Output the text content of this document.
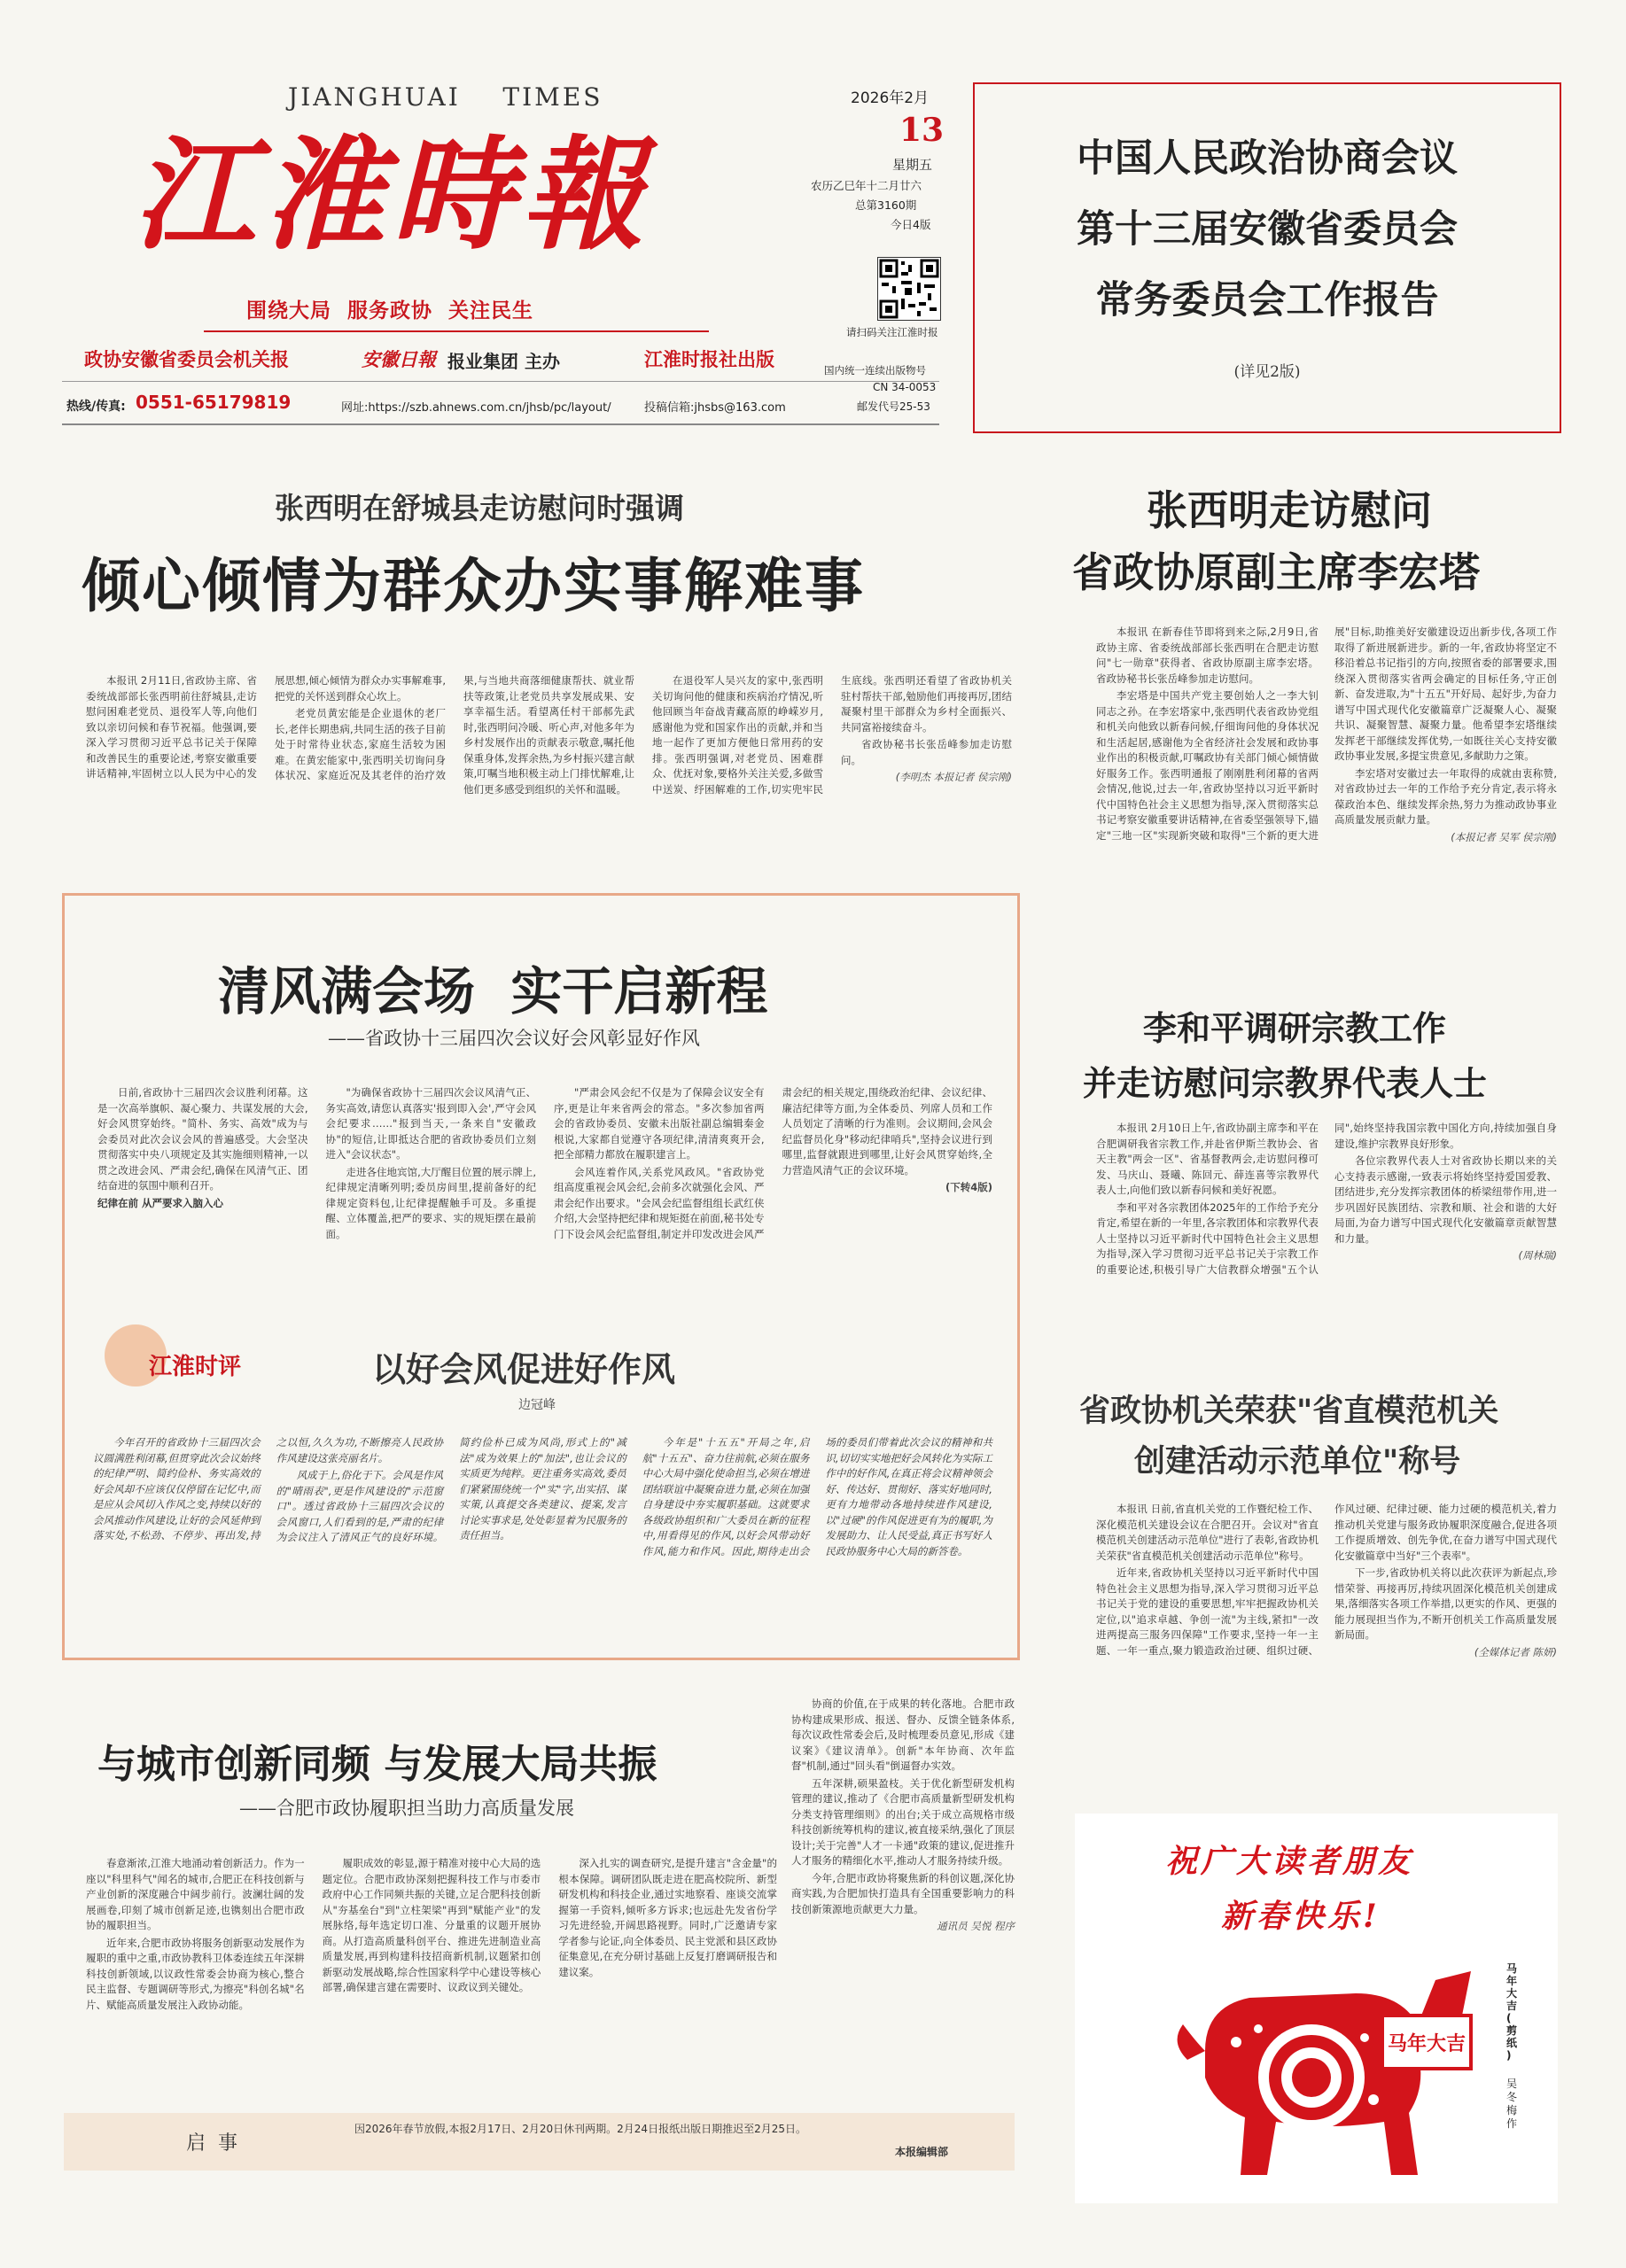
JIANGHUAI    TIMES
江淮時報
围绕大局  服务政协  关注民生
政协安徽省委员会机关报	安徽日報 报业集团 主办	江淮时报社出版
热线/传真: 0551-65179819	网址:https://szb.ahnews.com.cn/jhsb/pc/layout/	投稿信箱:jhsbs@163.com
2026年2月
13
星期五
农历乙巳年十二月廿六
总第3160期
今日4版
请扫码关注江淮时报
国内统一连续出版物号
CN 34-0053
邮发代号25-53
中国人民政治协商会议
第十三届安徽省委员会
常务委员会工作报告
(详见2版)
张西明在舒城县走访慰问时强调
倾心倾情为群众办实事解难事

本报讯 2月11日,省政协主席、省委统战部部长张西明前往舒城县,走访慰问困难老党员、退役军人等,向他们致以亲切问候和春节祝福。他强调,要深入学习贯彻习近平总书记关于保障和改善民生的重要论述,考察安徽重要讲话精神,牢固树立以人民为中心的发展思想,倾心倾情为群众办实事解难事,把党的关怀送到群众心坎上。

老党员黄宏能是企业退休的老厂长,老伴长期患病,共同生活的孩子目前处于时常待业状态,家庭生活较为困难。在黄宏能家中,张西明关切询问身体状况、家庭近况及其老伴的治疗效果,与当地共商落细健康帮扶、就业帮扶等政策,让老党员共享发展成果、安享幸福生活。看望离任村干部郝先武时,张西明问冷暖、听心声,对他多年为乡村发展作出的贡献表示敬意,嘱托他保重身体,发挥余热,为乡村振兴建言献策,叮嘱当地积极主动上门排忧解难,让他们更多感受到组织的关怀和温暖。

在退役军人吴兴友的家中,张西明关切询问他的健康和疾病治疗情况,听他回顾当年奋战青藏高原的峥嵘岁月,感谢他为党和国家作出的贡献,并和当地一起作了更加方便他日常用药的安排。张西明强调,对老党员、困难群众、优抚对象,要格外关注关爱,多做雪中送炭、纾困解难的工作,切实兜牢民生底线。张西明还看望了省政协机关驻村帮扶干部,勉励他们再接再厉,团结凝聚村里干部群众为乡村全面振兴、共同富裕接续奋斗。

省政协秘书长张岳峰参加走访慰问。

(李明杰 本报记者 侯宗刚)

张西明走访慰问
省政协原副主席李宏塔

本报讯 在新春佳节即将到来之际,2月9日,省政协主席、省委统战部部长张西明在合肥走访慰问"七一勋章"获得者、省政协原副主席李宏塔。省政协秘书长张岳峰参加走访慰问。

李宏塔是中国共产党主要创始人之一李大钊同志之孙。在李宏塔家中,张西明代表省政协党组和机关向他致以新春问候,仔细询问他的身体状况和生活起居,感谢他为全省经济社会发展和政协事业作出的积极贡献,叮嘱政协有关部门倾心倾情做好服务工作。张西明通报了刚刚胜利闭幕的省两会情况,他说,过去一年,省政协坚持以习近平新时代中国特色社会主义思想为指导,深入贯彻落实总书记考察安徽重要讲话精神,在省委坚强领导下,锚定"三地一区"实现新突破和取得"三个新的更大进展"目标,助推美好安徽建设迈出新步伐,各项工作取得了新进展新进步。新的一年,省政协将坚定不移沿着总书记指引的方向,按照省委的部署要求,围绕深入贯彻落实省两会确定的目标任务,守正创新、奋发进取,为"十五五"开好局、起好步,为奋力谱写中国式现代化安徽篇章广泛凝聚人心、凝聚共识、凝聚智慧、凝聚力量。他希望李宏塔继续发挥老干部继续发挥优势,一如既往关心支持安徽政协事业发展,多提宝贵意见,多献助力之策。

李宏塔对安徽过去一年取得的成就由衷称赞,对省政协过去一年的工作给予充分肯定,表示将永葆政治本色、继续发挥余热,努力为推动政协事业高质量发展贡献力量。

(本报记者 吴军 侯宗刚)

清风满会场  实干启新程
——省政协十三届四次会议好会风彰显好作风

日前,省政协十三届四次会议胜利闭幕。这是一次高举旗帜、凝心聚力、共谋发展的大会,好会风贯穿始终。"简朴、务实、高效"成为与会委员对此次会议会风的普遍感受。大会坚决贯彻落实中央八项规定及其实施细则精神,一以贯之改进会风、严肃会纪,确保在风清气正、团结奋进的氛围中顺利召开。

纪律在前 从严要求入脑入心

"为确保省政协十三届四次会议风清气正、务实高效,请您认真落实'报到即入会',严守会风会纪要求……"报到当天,一条来自"安徽政协"的短信,让即抵达合肥的省政协委员们立刻进入"会议状态"。

走进各住地宾馆,大厅醒目位置的展示牌上,纪律规定清晰列明;委员房间里,提前备好的纪律规定资料包,让纪律提醒触手可及。多重提醒、立体覆盖,把严的要求、实的规矩摆在最前面。

"严肃会风会纪不仅是为了保障会议安全有序,更是让年来省两会的常态。"多次参加省两会的省政协委员、安徽未出版社副总编辑秦金根说,大家都自觉遵守各项纪律,清清爽爽开会,把全部精力都放在履职建言上。

会风连着作风,关系党风政风。"省政协党组高度重视会风会纪,会前多次就强化会风、严肃会纪作出要求。"会风会纪监督组组长武红侠介绍,大会坚持把纪律和规矩挺在前面,秘书处专门下设会风会纪监督组,制定并印发改进会风严肃会纪的相关规定,围绕政治纪律、会议纪律、廉洁纪律等方面,为全体委员、列席人员和工作人员划定了清晰的行为准则。会议期间,会风会纪监督员化身"移动纪律哨兵",坚持会议进行到哪里,监督就跟进到哪里,让好会风贯穿始终,全力营造风清气正的会议环境。

(下转4版)

江淮时评	以好会风促进好作风
边冠峰

今年召开的省政协十三届四次会议圆满胜利闭幕,但贯穿此次会议始终的纪律严明、简约俭朴、务实高效的好会风却不应该仅仅停留在记忆中,而是应从会风切入作风之变,持续以好的会风推动作风建设,让好的会风延伸到落实处,不松劲、不停步、再出发,持之以恒,久久为功,不断擦亮人民政协作风建设这张亮丽名片。

风成于上,俗化于下。会风是作风的"晴雨表",更是作风建设的"示范窗口"。透过省政协十三届四次会议的会风窗口,人们看到的是,严肃的纪律为会议注入了清风正气的良好环境。简约俭朴已成为风尚,形式上的"减法"成为效果上的"加法",也让会议的实质更为纯粹。更注重务实高效,委员们紧紧围绕统一个"实"字,出实招、谋实策,认真提交各类建议、提案,发言讨论实事求是,处处彰显着为民服务的责任担当。

今年是"十五五"开局之年,启航"十五五"、奋力往前航,必须在服务中心大局中强化使命担当,必须在增进团结联谊中凝聚奋进力量,必须在加强自身建设中夯实履职基础。这就要求各级政协组织和广大委员在新的征程中,用看得见的作风,以好会风带动好作风,能力和作风。因此,期待走出会场的委员们带着此次会议的精神和共识,切切实实地把好会风转化为实际工作中的好作风,在真正将会议精神领会好、传达好、贯彻好、落实好地同时,更有力地带动各地持续进作风建设,以"过硬"的作风促进更有为的履职,为发展助力、让人民受益,真正书写好人民政协服务中心大局的新答卷。

李和平调研宗教工作
并走访慰问宗教界代表人士

本报讯 2月10日上午,省政协副主席李和平在合肥调研我省宗教工作,并赴省伊斯兰教协会、省天主教"两会一区"、省基督教两会,走访慰问穆可发、马庆山、聂曦、陈回元、薛连喜等宗教界代表人士,向他们致以新春问候和美好祝愿。

李和平对各宗教团体2025年的工作给予充分肯定,希望在新的一年里,各宗教团体和宗教界代表人士坚持以习近平新时代中国特色社会主义思想为指导,深入学习贯彻习近平总书记关于宗教工作的重要论述,积极引导广大信教群众增强"五个认同",始终坚持我国宗教中国化方向,持续加强自身建设,维护宗教界良好形象。

各位宗教界代表人士对省政协长期以来的关心支持表示感谢,一致表示将始终坚持爱国爱教、团结进步,充分发挥宗教团体的桥梁纽带作用,进一步巩固好民族团结、宗教和顺、社会和谐的大好局面,为奋力谱写中国式现代化安徽篇章贡献智慧和力量。

(周林瑞)

省政协机关荣获"省直模范机关
创建活动示范单位"称号

本报讯 日前,省直机关党的工作暨纪检工作、深化模范机关建设会议在合肥召开。会议对"省直模范机关创建活动示范单位"进行了表彰,省政协机关荣获"省直模范机关创建活动示范单位"称号。

近年来,省政协机关坚持以习近平新时代中国特色社会主义思想为指导,深入学习贯彻习近平总书记关于党的建设的重要思想,牢牢把握政协机关定位,以"追求卓越、争创一流"为主线,紧扣"一改进两提高三服务四保障"工作要求,坚持一年一主题、一年一重点,聚力锻造政治过硬、组织过硬、作风过硬、纪律过硬、能力过硬的模范机关,着力推动机关党建与服务政协履职深度融合,促进各项工作提质增效、创先争优,在奋力谱写中国式现代化安徽篇章中当好"三个表率"。

下一步,省政协机关将以此次获评为新起点,珍惜荣誉、再接再厉,持续巩固深化模范机关创建成果,落细落实各项工作举措,以更实的作风、更强的能力展现担当作为,不断开创机关工作高质量发展新局面。

(全媒体记者 陈妍)

与城市创新同频 与发展大局共振
——合肥市政协履职担当助力高质量发展

春意渐浓,江淮大地涌动着创新活力。作为一座以"科里科气"闻名的城市,合肥正在科技创新与产业创新的深度融合中阔步前行。波澜壮阔的发展画卷,印刻了城市创新足迹,也镌刻出合肥市政协的履职担当。

近年来,合肥市政协将服务创新驱动发展作为履职的重中之重,市政协教科卫体委连续五年深耕科技创新领域,以议政性常委会协商为核心,整合民主监督、专题调研等形式,为擦亮"科创名城"名片、赋能高质量发展注入政协动能。

履职成效的彰显,源于精准对接中心大局的选题定位。合肥市政协深刻把握科技工作与市委市政府中心工作同频共振的关键,立足合肥科技创新从"夯基垒台"到"立柱架梁"再到"赋能产业"的发展脉络,每年选定切口准、分量重的议题开展协商。从打造高质量科创平台、推进先进制造业高质量发展,再到构建科技招商新机制,议题紧扣创新驱动发展战略,综合性国家科学中心建设等核心部署,确保建言建在需要时、议政议到关键处。

深入扎实的调查研究,是提升建言"含金量"的根本保障。调研团队既走进在肥高校院所、新型研发机构和科技企业,通过实地察看、座谈交流掌握第一手资料,倾听多方诉求;也远赴先发省份学习先进经验,开阔思路视野。同时,广泛邀请专家学者参与论证,向全体委员、民主党派和县区政协征集意见,在充分研讨基础上反复打磨调研报告和建议案。

协商的价值,在于成果的转化落地。合肥市政协构建成果形成、报送、督办、反馈全链条体系,每次议政性常委会后,及时梳理委员意见,形成《建议案》《建议清单》。创新"本年协商、次年监督"机制,通过"回头看"倒逼督办实效。

五年深耕,硕果盈枝。关于优化新型研发机构管理的建议,推动了《合肥市高质量新型研发机构分类支持管理细则》的出台;关于成立高规格市级科技创新统筹机构的建议,被直接采纳,强化了顶层设计;关于完善"人才一卡通"政策的建议,促进推升人才服务的精细化水平,推动人才服务持续升级。

今年,合肥市政协将聚焦新的科创议题,深化协商实践,为合肥加快打造具有全国重要影响力的科技创新策源地贡献更大力量。

通讯员 吴悦 程序

祝广大读者朋友
新春快乐!
马年大吉
马年大吉(剪纸)
吴冬梅 作
启  事
因2026年春节放假,本报2月17日、2月20日休刊两期。2月24日报纸出版日期推迟至2月25日。
本报编辑部
